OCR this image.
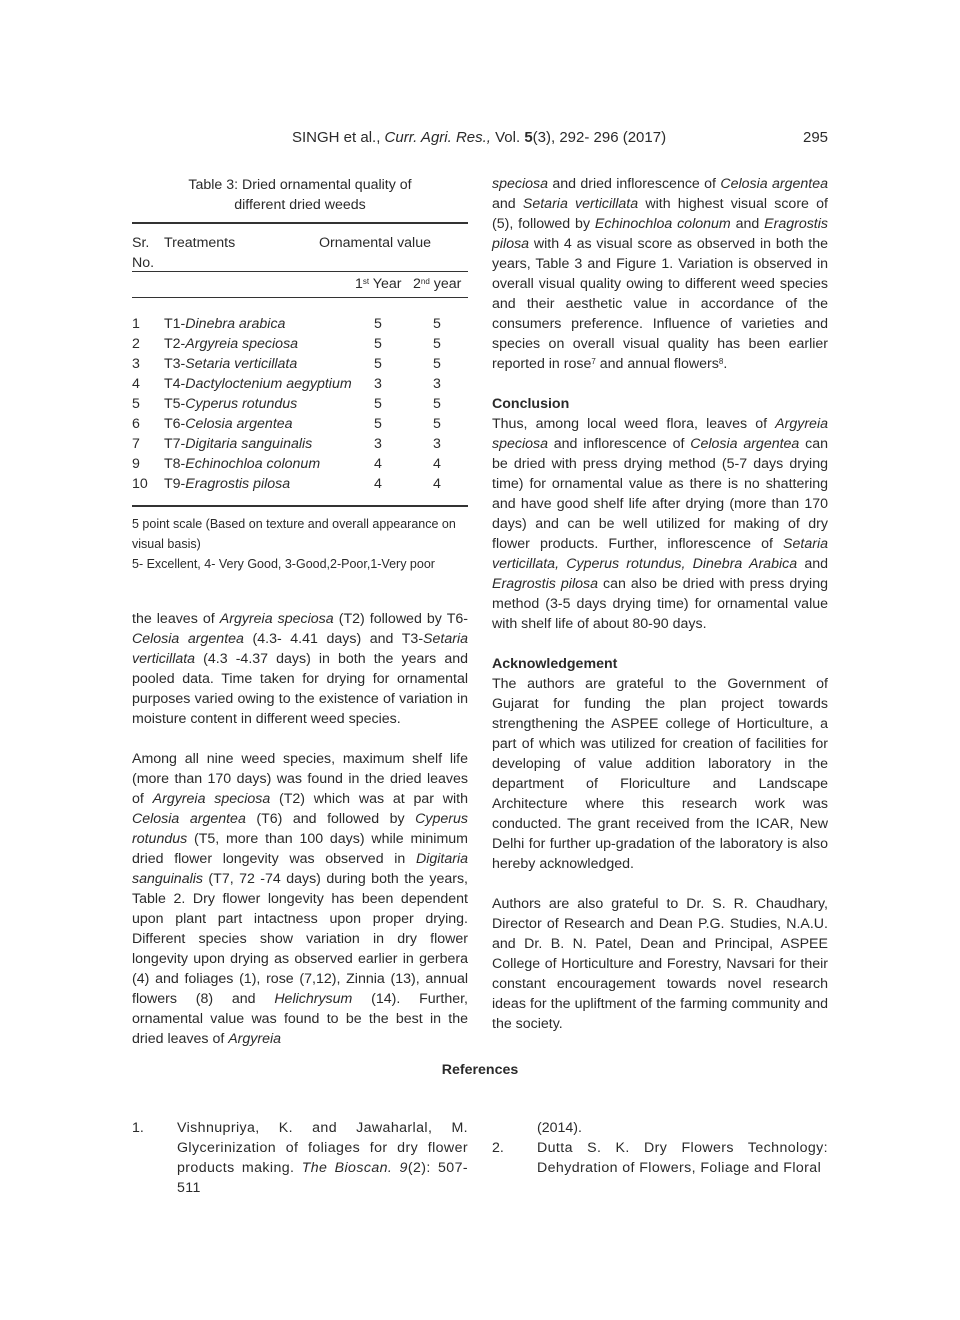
SINGH et al., Curr. Agri. Res., Vol. 5(3), 292- 296 (2017)	295
Table 3: Dried ornamental quality of
different dried weeds
Sr.
No.
Treatments	Ornamental value
1st Year 2nd year
1 T1-Dinebra arabica	5	5
2 T2-Argyreia speciosa	5	5
3 T3-Setaria verticillata	5	5
4 T4-Dactyloctenium aegyptium 3	3
5 T5-Cyperus rotundus	5	5
6 T6-Celosia argentea	5	5
7 T7-Digitaria sanguinalis	3	3
9 T8-Echinochloa colonum	4	4
10 T9-Eragrostis pilosa	4	4
5 point scale (Based on texture and overall appearance on
visual basis)
5- Excellent, 4- Very Good, 3-Good,2-Poor,1-Very poor

the leaves of Argyreia speciosa (T2) followed by T6-Celosia argentea (4.3- 4.41 days) and T3-Setaria verticillata (4.3 -4.37 days) in both the years and pooled data. Time taken for drying for ornamental purposes varied owing to the existence of variation in moisture content in different weed species.

Among all nine weed species, maximum shelf life (more than 170 days) was found in the dried leaves of Argyreia speciosa (T2) which was at par with Celosia argentea (T6) and followed by Cyperus rotundus (T5, more than 100 days) while minimum dried flower longevity was observed in Digitaria sanguinalis (T7, 72 -74 days) during both the years, Table 2. Dry flower longevity has been dependent upon plant part intactness upon proper drying. Different species show variation in dry flower longevity upon drying as observed earlier in gerbera (4) and foliages (1), rose (7,12), Zinnia (13), annual flowers (8) and Helichrysum (14). Further, ornamental value was found to be the best in the dried leaves of Argyreia

speciosa and dried inflorescence of Celosia argentea and Setaria verticillata with highest visual score of (5), followed by Echinochloa colonum and Eragrostis pilosa with 4 as visual score as observed in both the years, Table 3 and Figure 1. Variation is observed in overall visual quality owing to different weed species and their aesthetic value in accordance of the consumers preference. Influence of varieties and species on overall visual quality has been earlier reported in rose$^7$ and annual flowers$^8$.

Conclusion

Thus, among local weed flora, leaves of Argyreia speciosa and inflorescence of Celosia argentea can be dried with press drying method (5-7 days drying time) for ornamental value as there is no shattering and have good shelf life after drying (more than 170 days) and can be well utilized for making of dry flower products. Further, inflorescence of Setaria verticillata, Cyperus rotundus, Dinebra Arabica and Eragrostis pilosa can also be dried with press drying method (3-5 days drying time) for ornamental value with shelf life of about 80-90 days.

Acknowledgement

The authors are grateful to the Government of Gujarat for funding the plan project towards strengthening the ASPEE college of Horticulture, a part of which was utilized for creation of facilities for developing of value addition laboratory in the department of Floriculture and Landscape Architecture where this research work was conducted. The grant received from the ICAR, New Delhi for further up-gradation of the laboratory is also hereby acknowledged.

Authors are also grateful to Dr. S. R. Chaudhary, Director of Research and Dean P.G. Studies, N.A.U. and Dr. B. N. Patel, Dean and Principal, ASPEE College of Horticulture and Forestry, Navsari for their constant encouragement towards novel research ideas for the upliftment of the farming community and the society.

References
1. Vishnupriya, K. and Jawaharlal, M. Glycerinization of foliages for dry flower products making. The Bioscan. 9(2): 507-511

(2014).
2. Dutta S. K. Dry Flowers Technology: Dehydration of Flowers, Foliage and Floral
